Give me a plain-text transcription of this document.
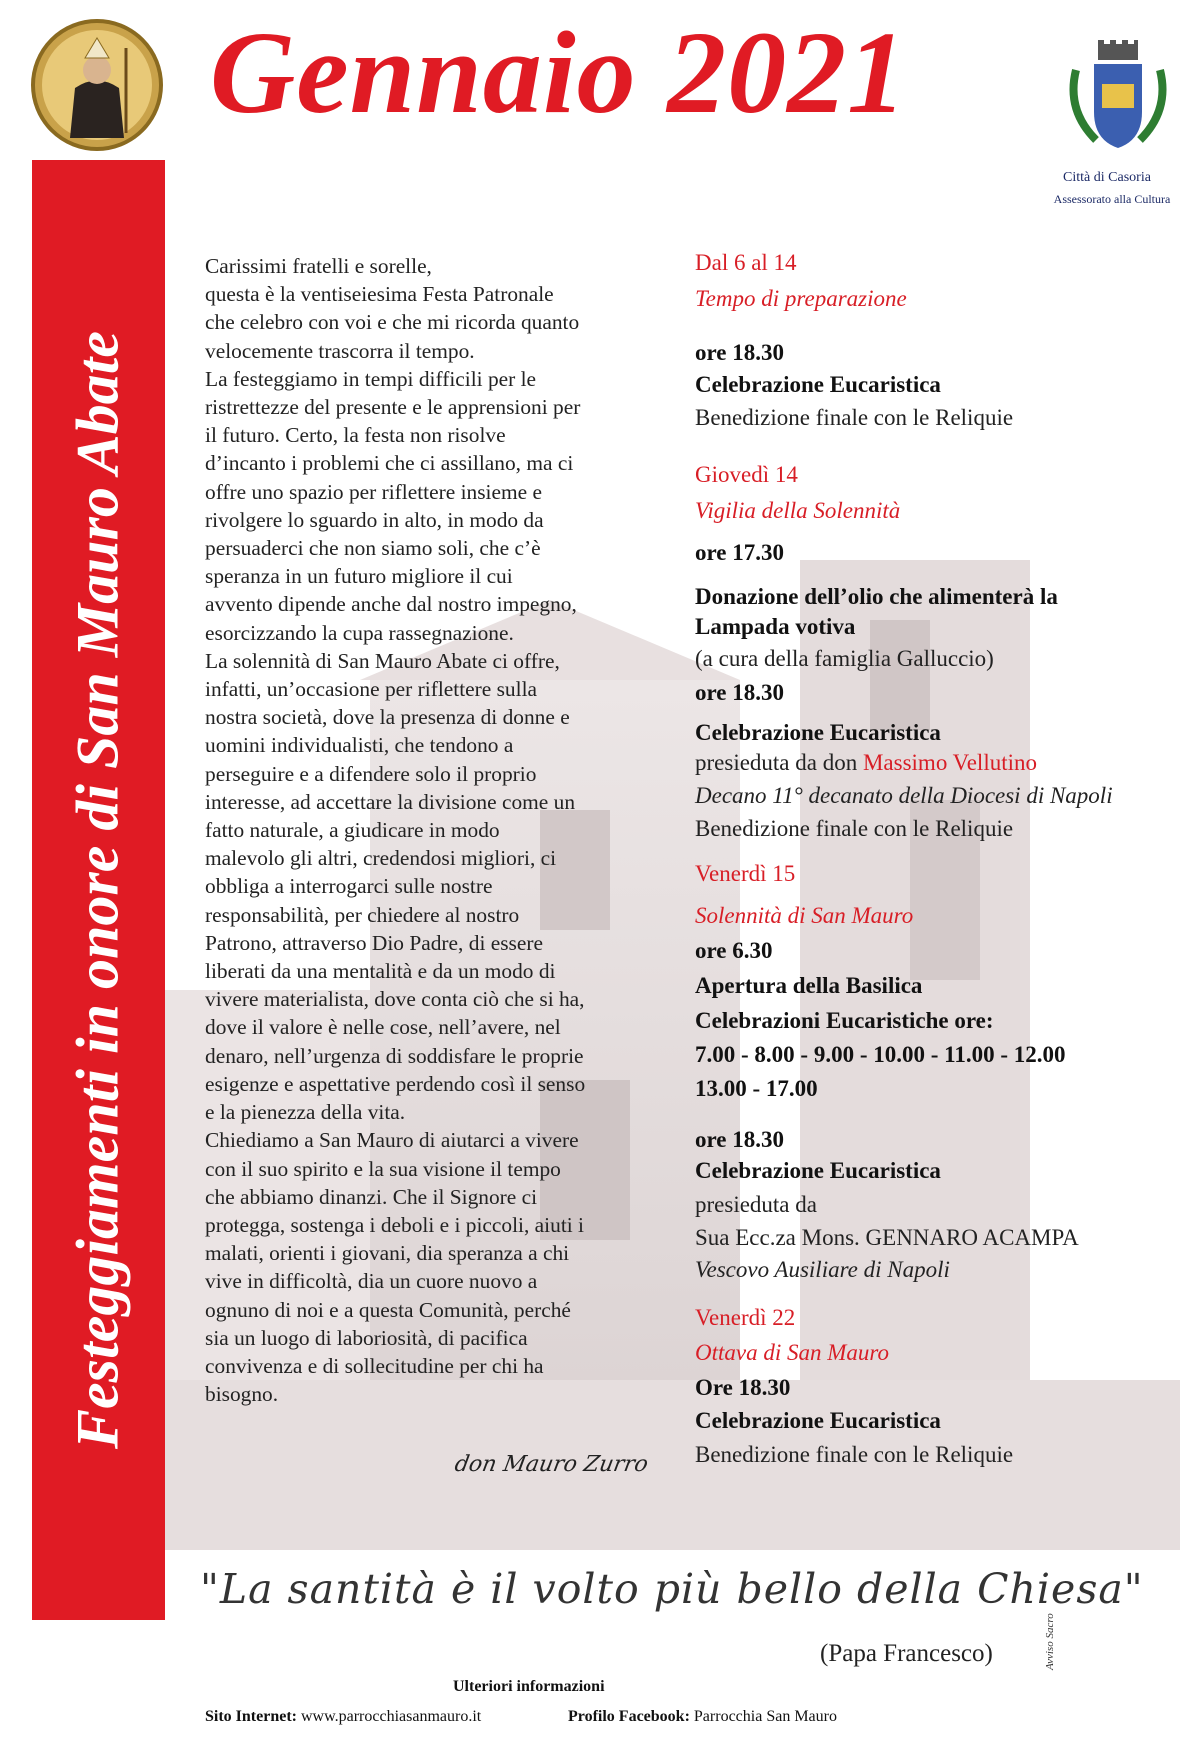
Festeggiamenti in onore di San Mauro Abate
Gennaio 2021
Città di Casoria
Assessorato alla Cultura

Carissimi fratelli e sorelle,

questa è la ventiseiesima Festa Patronale

che celebro con voi e che mi ricorda quanto

velocemente trascorra il tempo.

La festeggiamo in tempi difficili per le

ristrettezze del presente e le apprensioni per

il futuro. Certo, la festa non risolve

d’incanto i problemi che ci assillano, ma ci

offre uno spazio per riflettere insieme e

rivolgere lo sguardo in alto, in modo da

persuaderci che non siamo soli, che c’è

speranza in un futuro migliore il cui

avvento dipende anche dal nostro impegno,

esorcizzando la cupa rassegnazione.

La solennità di San Mauro Abate ci offre,

infatti, un’occasione per riflettere sulla

nostra società, dove la presenza di donne e

uomini individualisti, che tendono a

perseguire e a difendere solo il proprio

interesse, ad accettare la divisione come un

fatto naturale, a giudicare in modo

malevolo gli altri, credendosi migliori, ci

obbliga a interrogarci sulle nostre

responsabilità, per chiedere al nostro

Patrono, attraverso Dio Padre, di essere

liberati da una mentalità e da un modo di

vivere materialista, dove conta ciò che si ha,

dove il valore è nelle cose, nell’avere, nel

denaro, nell’urgenza di soddisfare le proprie

esigenze e aspettative perdendo così il senso

e la pienezza della vita.

Chiediamo a San Mauro di aiutarci a vivere

con il suo spirito e la sua visione il tempo

che abbiamo dinanzi. Che il Signore ci

protegga, sostenga i deboli e i piccoli, aiuti i

malati, orienti i giovani, dia speranza a chi

vive in difficoltà, dia un cuore nuovo a

ognuno di noi e a questa Comunità, perché

sia un luogo di laboriosità, di pacifica

convivenza e di sollecitudine per chi ha

bisogno.

don Mauro Zurro
Dal 6 al 14
Tempo di preparazione
ore 18.30
Celebrazione Eucaristica
Benedizione finale con le Reliquie
Giovedì 14
Vigilia della Solennità
ore 17.30
Donazione dell’olio che alimenterà la
Lampada votiva
(a cura della famiglia Galluccio)
ore 18.30
Celebrazione Eucaristica
presieduta da don Massimo Vellutino
Decano 11° decanato della Diocesi di Napoli
Benedizione finale con le Reliquie
Venerdì 15
Solennità di San Mauro
ore 6.30
Apertura della Basilica
Celebrazioni Eucaristiche ore:
7.00 - 8.00 - 9.00 - 10.00 - 11.00 - 12.00
13.00 - 17.00
ore 18.30
Celebrazione Eucaristica
presieduta da
Sua Ecc.za Mons. GENNARO ACAMPA
Vescovo Ausiliare di Napoli
Venerdì 22
Ottava di San Mauro
Ore 18.30
Celebrazione Eucaristica
Benedizione finale con le Reliquie
"La santità è il volto più bello della Chiesa"
(Papa Francesco)
Ulteriori informazioni
Sito Internet: www.parrocchiasanmauro.it	Profilo Facebook: Parrocchia San Mauro
Avviso Sacro
